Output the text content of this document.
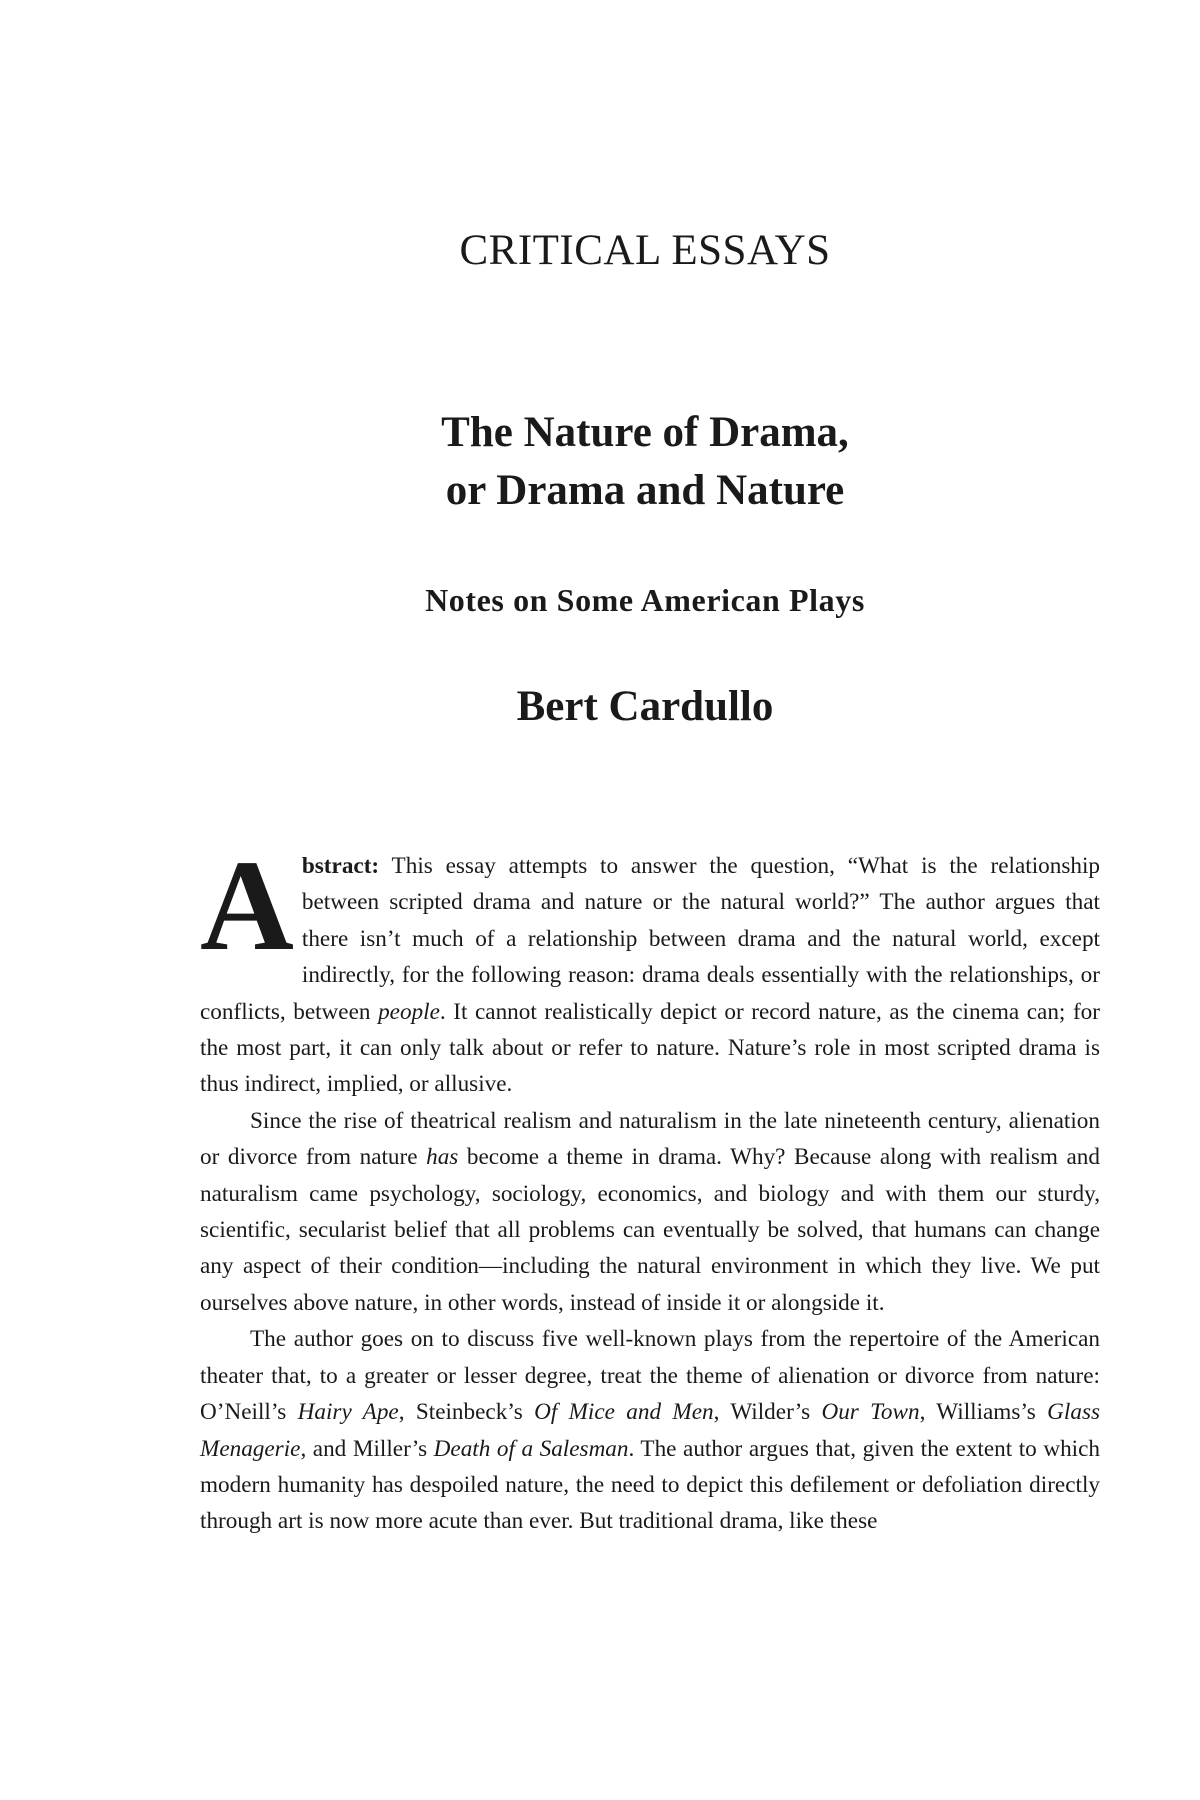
CRITICAL ESSAYS
The Nature of Drama,
or Drama and Nature
Notes on Some American Plays
Bert Cardullo

Abstract: This essay attempts to answer the question, “What is the relationship between scripted drama and nature or the natural world?” The author argues that there isn’t much of a relationship between drama and the natural world, except indirectly, for the following reason: drama deals essentially with the relationships, or conflicts, between people. It cannot realistically depict or record nature, as the cinema can; for the most part, it can only talk about or refer to nature. Nature’s role in most scripted drama is thus indirect, implied, or allusive.

Since the rise of theatrical realism and naturalism in the late nineteenth century, alienation or divorce from nature has become a theme in drama. Why? Because along with realism and naturalism came psychology, sociology, economics, and biology and with them our sturdy, scientific, secularist belief that all problems can eventually be solved, that humans can change any aspect of their condition—including the natural environment in which they live. We put ourselves above nature, in other words, instead of inside it or alongside it.

The author goes on to discuss five well-known plays from the repertoire of the American theater that, to a greater or lesser degree, treat the theme of alienation or divorce from nature: O’Neill’s Hairy Ape, Steinbeck’s Of Mice and Men, Wilder’s Our Town, Williams’s Glass Menagerie, and Miller’s Death of a Salesman. The author argues that, given the extent to which modern humanity has despoiled nature, the need to depict this defilement or defoliation directly through art is now more acute than ever. But traditional drama, like these
